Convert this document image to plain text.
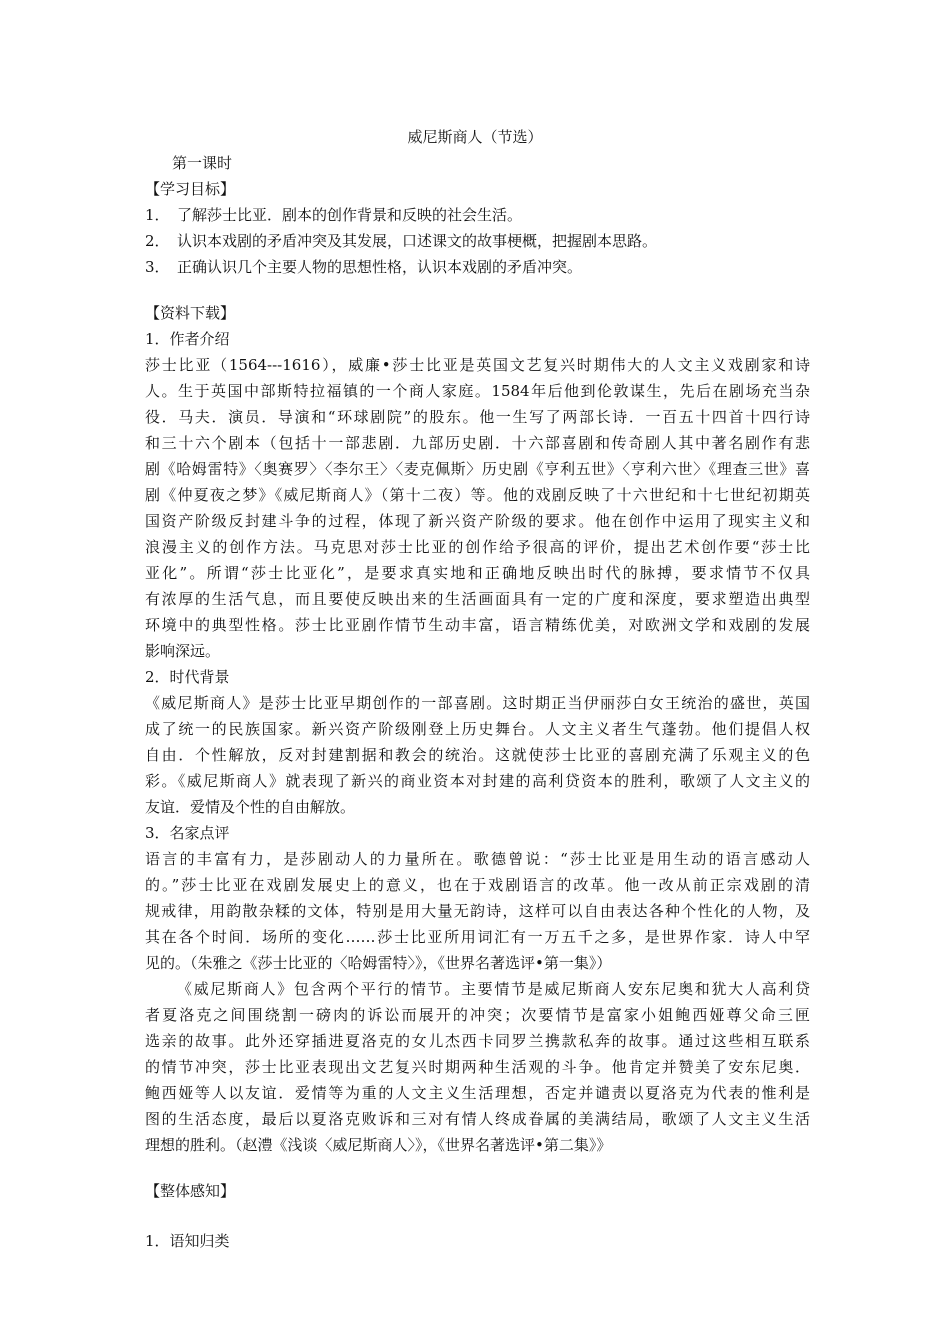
威尼斯商人（节选）
第一课时
【学习目标】
1．　了解莎士比亚．剧本的创作背景和反映的社会生活。
2．　认识本戏剧的矛盾冲突及其发展，口述课文的故事梗概，把握剧本思路。
3．　正确认识几个主要人物的思想性格，认识本戏剧的矛盾冲突。
【资料下载】
1．作者介绍
莎士比亚（1564---1616），威廉•莎士比亚是英国文艺复兴时期伟大的人文主义戏剧家和诗
人。生于英国中部斯特拉福镇的一个商人家庭。1584年后他到伦敦谋生，先后在剧场充当杂
役．马夫．演员．导演和“环球剧院”的股东。他一生写了两部长诗．一百五十四首十四行诗
和三十六个剧本（包括十一部悲剧．九部历史剧．十六部喜剧和传奇剧人其中著名剧作有悲
剧《哈姆雷特》〈奥赛罗〉〈李尔王〉〈麦克佩斯〉历史剧《亨利五世》〈亨利六世〉《理查三世》喜
剧《仲夏夜之梦》《威尼斯商人》（第十二夜）等。他的戏剧反映了十六世纪和十七世纪初期英
国资产阶级反封建斗争的过程，体现了新兴资产阶级的要求。他在创作中运用了现实主义和
浪漫主义的创作方法。马克思对莎士比亚的创作给予很高的评价，提出艺术创作要“莎士比
亚化”。所谓“莎士比亚化”，是要求真实地和正确地反映出时代的脉搏，要求情节不仅具
有浓厚的生活气息，而且要使反映出来的生活画面具有一定的广度和深度，要求塑造出典型
环境中的典型性格。莎士比亚剧作情节生动丰富，语言精练优美，对欧洲文学和戏剧的发展
影响深远。
2．时代背景
《威尼斯商人》是莎士比亚早期创作的一部喜剧。这时期正当伊丽莎白女王统治的盛世，英国
成了统一的民族国家。新兴资产阶级刚登上历史舞台。人文主义者生气蓬勃。他们提倡人权
自由．个性解放，反对封建割据和教会的统治。这就使莎士比亚的喜剧充满了乐观主义的色
彩。《威尼斯商人》就表现了新兴的商业资本对封建的高利贷资本的胜利，歌颂了人文主义的
友谊．爱情及个性的自由解放。
3．名家点评
语言的丰富有力，是莎剧动人的力量所在。歌德曾说：“莎士比亚是用生动的语言感动人
的。”莎士比亚在戏剧发展史上的意义，也在于戏剧语言的改革。他一改从前正宗戏剧的清
规戒律，用韵散杂糅的文体，特别是用大量无韵诗，这样可以自由表达各种个性化的人物，及
其在各个时间．场所的变化……莎士比亚所用词汇有一万五千之多，是世界作家．诗人中罕
见的。（朱雅之《莎士比亚的〈哈姆雷特〉》，《世界名著选评•第一集》）
《威尼斯商人》包含两个平行的情节。主要情节是威尼斯商人安东尼奥和犹大人高利贷
者夏洛克之间围绕割一磅肉的诉讼而展开的冲突；次要情节是富家小姐鲍西娅尊父命三匣
选亲的故事。此外还穿插进夏洛克的女儿杰西卡同罗兰携款私奔的故事。通过这些相互联系
的情节冲突，莎士比亚表现出文艺复兴时期两种生活观的斗争。他肯定并赞美了安东尼奥．
鲍西娅等人以友谊．爱情等为重的人文主义生活理想，否定并谴责以夏洛克为代表的惟利是
图的生活态度，最后以夏洛克败诉和三对有情人终成眷属的美满结局，歌颂了人文主义生活
理想的胜利。（赵澧《浅谈〈威尼斯商人〉》，《世界名著选评•第二集》》
【整体感知】
1．语知归类
